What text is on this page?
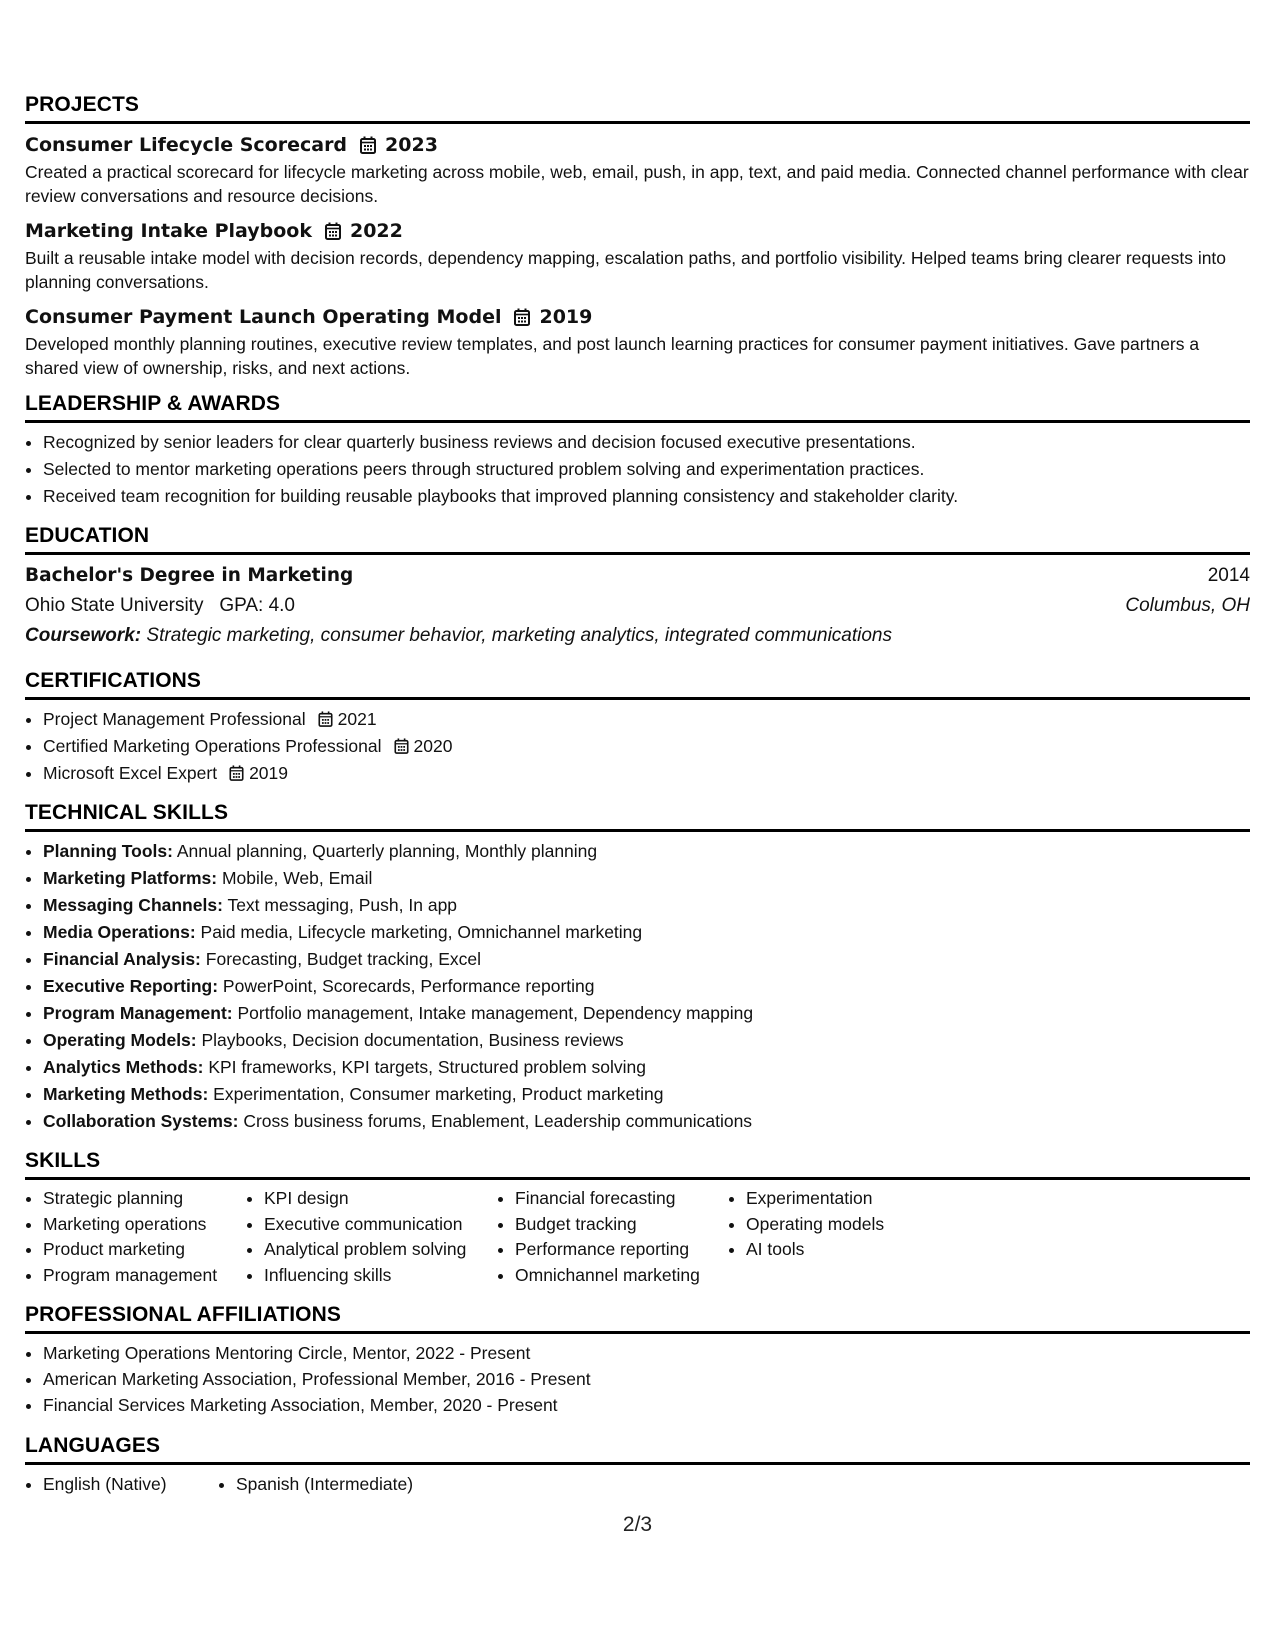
PROJECTS
Consumer Lifecycle Scorecard 2023

Created a practical scorecard for lifecycle marketing across mobile, web, email, push, in app, text, and paid media. Connected channel performance with clear review conversations and resource decisions.

Marketing Intake Playbook 2022

Built a reusable intake model with decision records, dependency mapping, escalation paths, and portfolio visibility. Helped teams bring clearer requests into planning conversations.

Consumer Payment Launch Operating Model 2019

Developed monthly planning routines, executive review templates, and post launch learning practices for consumer payment initiatives. Gave partners a shared view of ownership, risks, and next actions.

LEADERSHIP & AWARDS
• Recognized by senior leaders for clear quarterly business reviews and decision focused executive presentations.
• Selected to mentor marketing operations peers through structured problem solving and experimentation practices.
• Received team recognition for building reusable playbooks that improved planning consistency and stakeholder clarity.
EDUCATION
Bachelor's Degree in Marketing	2014
Ohio State University GPA: 4.0	Columbus, OH
Coursework: Strategic marketing, consumer behavior, marketing analytics, integrated communications
CERTIFICATIONS
• Project Management Professional 2021
• Certified Marketing Operations Professional 2020
• Microsoft Excel Expert 2019
TECHNICAL SKILLS
• Planning Tools: Annual planning, Quarterly planning, Monthly planning
• Marketing Platforms: Mobile, Web, Email
• Messaging Channels: Text messaging, Push, In app
• Media Operations: Paid media, Lifecycle marketing, Omnichannel marketing
• Financial Analysis: Forecasting, Budget tracking, Excel
• Executive Reporting: PowerPoint, Scorecards, Performance reporting
• Program Management: Portfolio management, Intake management, Dependency mapping
• Operating Models: Playbooks, Decision documentation, Business reviews
• Analytics Methods: KPI frameworks, KPI targets, Structured problem solving
• Marketing Methods: Experimentation, Consumer marketing, Product marketing
• Collaboration Systems: Cross business forums, Enablement, Leadership communications
SKILLS
• Strategic planning
• Marketing operations
• Product marketing
• Program management
• KPI design
• Executive communication
• Analytical problem solving
• Influencing skills
• Financial forecasting
• Budget tracking
• Performance reporting
• Omnichannel marketing
• Experimentation
• Operating models
• AI tools
PROFESSIONAL AFFILIATIONS
• Marketing Operations Mentoring Circle, Mentor, 2022 - Present
• American Marketing Association, Professional Member, 2016 - Present
• Financial Services Marketing Association, Member, 2020 - Present
LANGUAGES
• English (Native)
•	Spanish (Intermediate)
2/3
